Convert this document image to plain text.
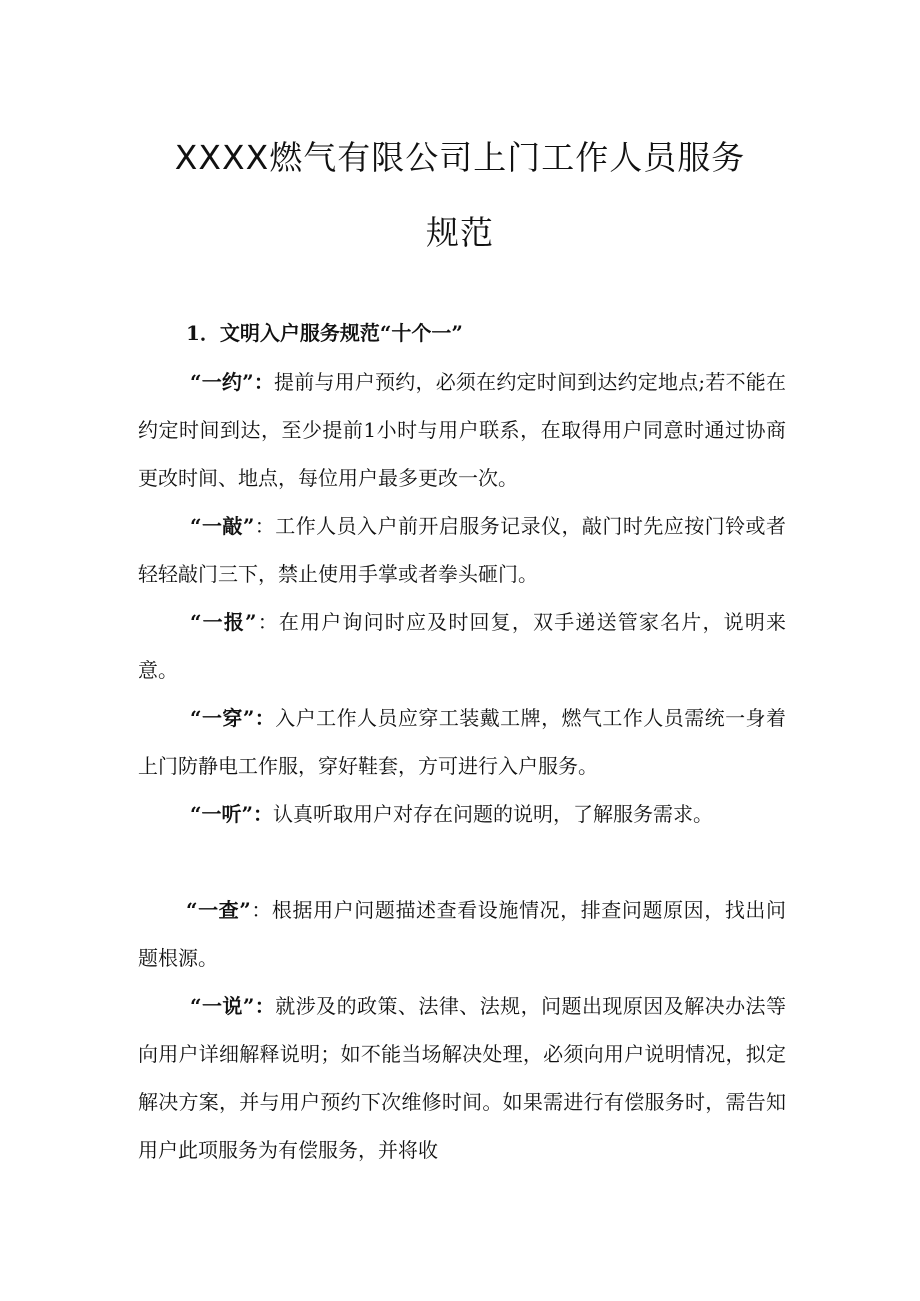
XXXX燃气有限公司上门工作人员服务
规范
1．文明入户服务规范“十个一”

“一约”：提前与用户预约，必须在约定时间到达约定地点;若不能在约定时间到达，至少提前1小时与用户联系，在取得用户同意时通过协商更改时间、地点，每位用户最多更改一次。

“一敲”：工作人员入户前开启服务记录仪，敲门时先应按门铃或者轻轻敲门三下，禁止使用手掌或者拳头砸门。

“一报”：在用户询问时应及时回复，双手递送管家名片，说明来意。

“一穿”：入户工作人员应穿工装戴工牌，燃气工作人员需统一身着上门防静电工作服，穿好鞋套，方可进行入户服务。

“一听”：认真听取用户对存在问题的说明，了解服务需求。

“一查”：根据用户问题描述查看设施情况，排查问题原因，找出问题根源。

“一说”：就涉及的政策、法律、法规，问题出现原因及解决办法等向用户详细解释说明；如不能当场解决处理，必须向用户说明情况，拟定解决方案，并与用户预约下次维修时间。如果需进行有偿服务时，需告知用户此项服务为有偿服务，并将收
